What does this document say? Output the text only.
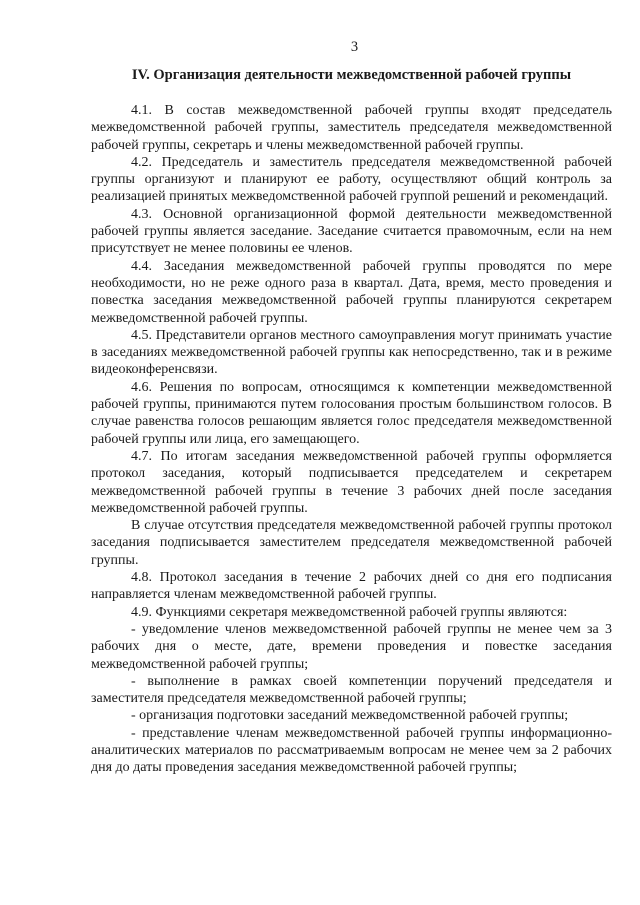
3
IV. Организация деятельности межведомственной рабочей группы

4.1. В состав межведомственной рабочей группы входят председатель межведомственной рабочей группы, заместитель председателя межведомственной рабочей группы, секретарь и члены межведомственной рабочей группы.

4.2. Председатель и заместитель председателя межведомственной рабочей группы организуют и планируют ее работу, осуществляют общий контроль за реализацией принятых межведомственной рабочей группой решений и рекомендаций.

4.3. Основной организационной формой деятельности межведомственной рабочей группы является заседание. Заседание считается правомочным, если на нем присутствует не менее половины ее членов.

4.4. Заседания межведомственной рабочей группы проводятся по мере необходимости, но не реже одного раза в квартал. Дата, время, место проведения и повестка заседания межведомственной рабочей группы планируются секретарем межведомственной рабочей группы.

4.5. Представители органов местного самоуправления могут принимать участие в заседаниях межведомственной рабочей группы как непосредственно, так и в режиме видеоконференсвязи.

4.6. Решения по вопросам, относящимся к компетенции межведомственной рабочей группы, принимаются путем голосования простым большинством голосов. В случае равенства голосов решающим является голос председателя межведомственной рабочей группы или лица, его замещающего.

4.7. По итогам заседания межведомственной рабочей группы оформляется протокол заседания, который подписывается председателем и секретарем межведомственной рабочей группы в течение 3 рабочих дней после заседания межведомственной рабочей группы.

В случае отсутствия председателя межведомственной рабочей группы протокол заседания подписывается заместителем председателя межведомственной рабочей группы.

4.8. Протокол заседания в течение 2 рабочих дней со дня его подписания направляется членам межведомственной рабочей группы.

4.9. Функциями секретаря межведомственной рабочей группы являются:

- уведомление членов межведомственной рабочей группы не менее чем за 3 рабочих дня о месте, дате, времени проведения и повестке заседания межведомственной рабочей группы;

- выполнение в рамках своей компетенции поручений председателя и заместителя председателя межведомственной рабочей группы;

- организация подготовки заседаний межведомственной рабочей группы;

- представление членам межведомственной рабочей группы информационно-аналитических материалов по рассматриваемым вопросам не менее чем за 2 рабочих дня до даты проведения заседания межведомственной рабочей группы;
